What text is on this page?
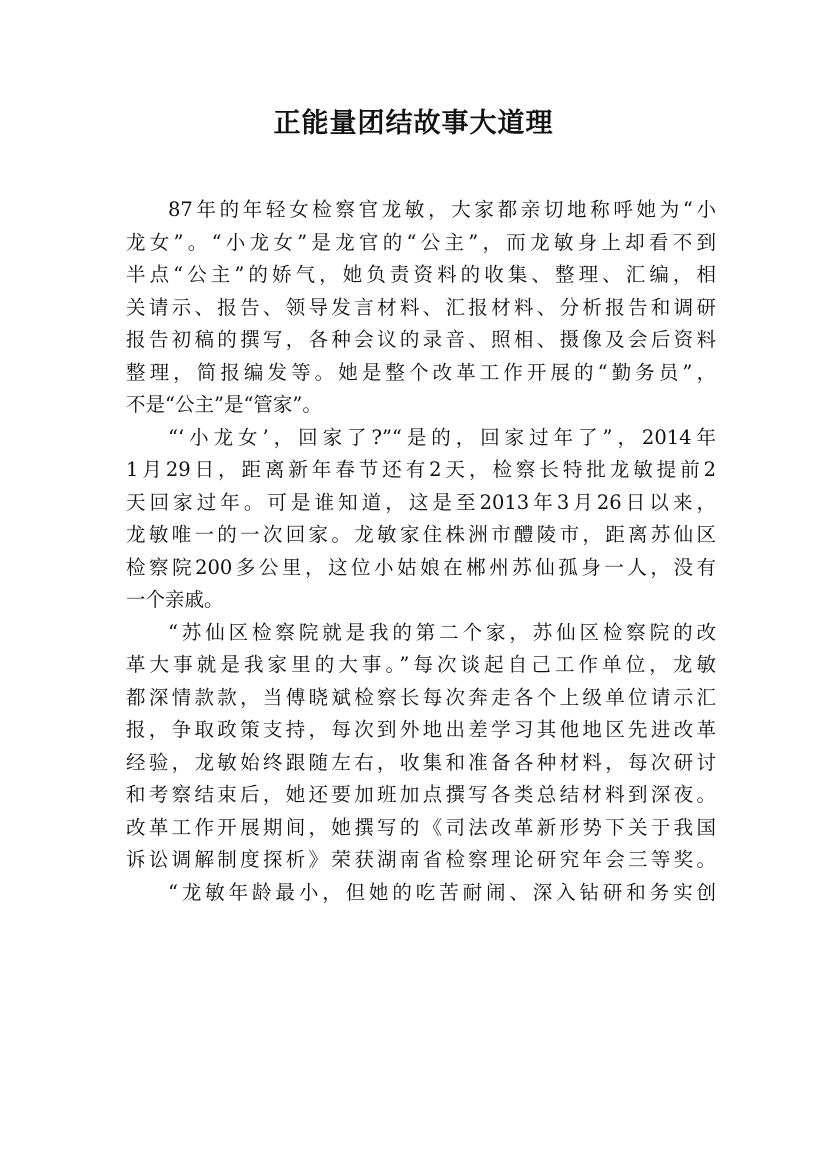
正能量团结故事大道理
87年的年轻女检察官龙敏，大家都亲切地称呼她为“小
龙女”。“小龙女”是龙官的“公主”，而龙敏身上却看不到
半点“公主”的娇气，她负责资料的收集、整理、汇编，相
关请示、报告、领导发言材料、汇报材料、分析报告和调研
报告初稿的撰写，各种会议的录音、照相、摄像及会后资料
整理，简报编发等。她是整个改革工作开展的“勤务员”，
不是“公主”是“管家”。
“‘小龙女’，回家了?”“是的，回家过年了”，2014年
1月29日，距离新年春节还有2天，检察长特批龙敏提前2
天回家过年。可是谁知道，这是至2013年3月26日以来，
龙敏唯一的一次回家。龙敏家住株洲市醴陵市，距离苏仙区
检察院200多公里，这位小姑娘在郴州苏仙孤身一人，没有
一个亲戚。
“苏仙区检察院就是我的第二个家，苏仙区检察院的改
革大事就是我家里的大事。”每次谈起自己工作单位，龙敏
都深情款款，当傅晓斌检察长每次奔走各个上级单位请示汇
报，争取政策支持，每次到外地出差学习其他地区先进改革
经验，龙敏始终跟随左右，收集和准备各种材料，每次研讨
和考察结束后，她还要加班加点撰写各类总结材料到深夜。
改革工作开展期间，她撰写的《司法改革新形势下关于我国
诉讼调解制度探析》荣获湖南省检察理论研究年会三等奖。
“龙敏年龄最小，但她的吃苦耐闹、深入钻研和务实创
